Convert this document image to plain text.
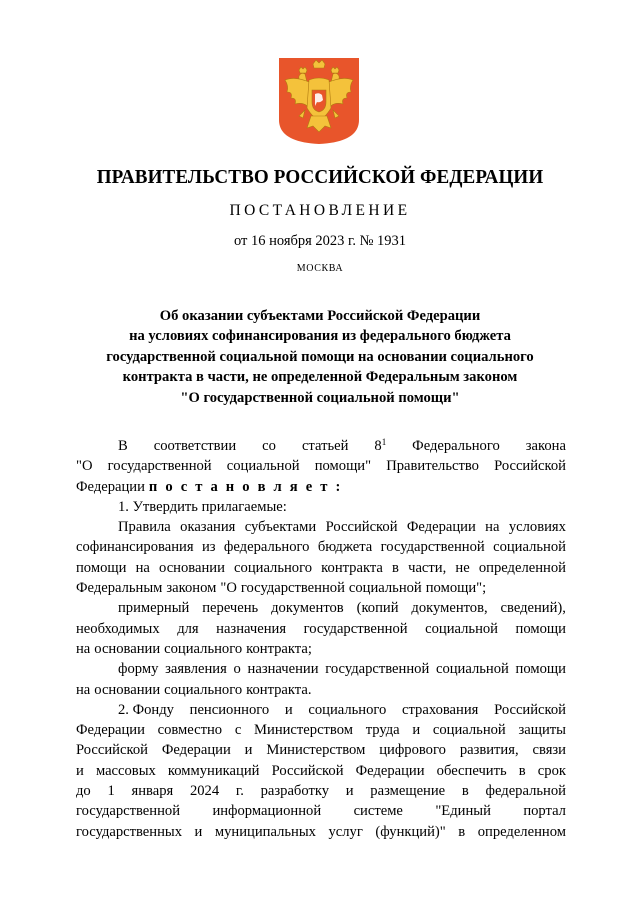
ПРАВИТЕЛЬСТВО РОССИЙСКОЙ ФЕДЕРАЦИИ
ПОСТАНОВЛЕНИЕ
от 16 ноября 2023 г. № 1931
МОСКВА
Об оказании субъектами Российской Федерации
на условиях софинансирования из федерального бюджета
государственной социальной помощи на основании социального
контракта в части, не определенной Федеральным законом
"О государственной социальной помощи"
В соответствии со статьей $8^1$ Федерального закона
"О государственной социальной помощи" Правительство Российской
Федерации п о с т а н о в л я е т :
1. Утвердить прилагаемые:
Правила оказания субъектами Российской Федерации на условиях
софинансирования из федерального бюджета государственной социальной
помощи на основании социального контракта в части, не определенной
Федеральным законом "О государственной социальной помощи";
примерный перечень документов (копий документов, сведений),
необходимых для назначения государственной социальной помощи
на основании социального контракта;
форму заявления о назначении государственной социальной помощи
на основании социального контракта.
2. Фонду пенсионного и социального страхования Российской
Федерации совместно с Министерством труда и социальной защиты
Российской Федерации и Министерством цифрового развития, связи
и массовых коммуникаций Российской Федерации обеспечить в срок
до 1 января 2024 г. разработку и размещение в федеральной
государственной информационной системе "Единый портал
государственных и муниципальных услуг (функций)" в определенном
